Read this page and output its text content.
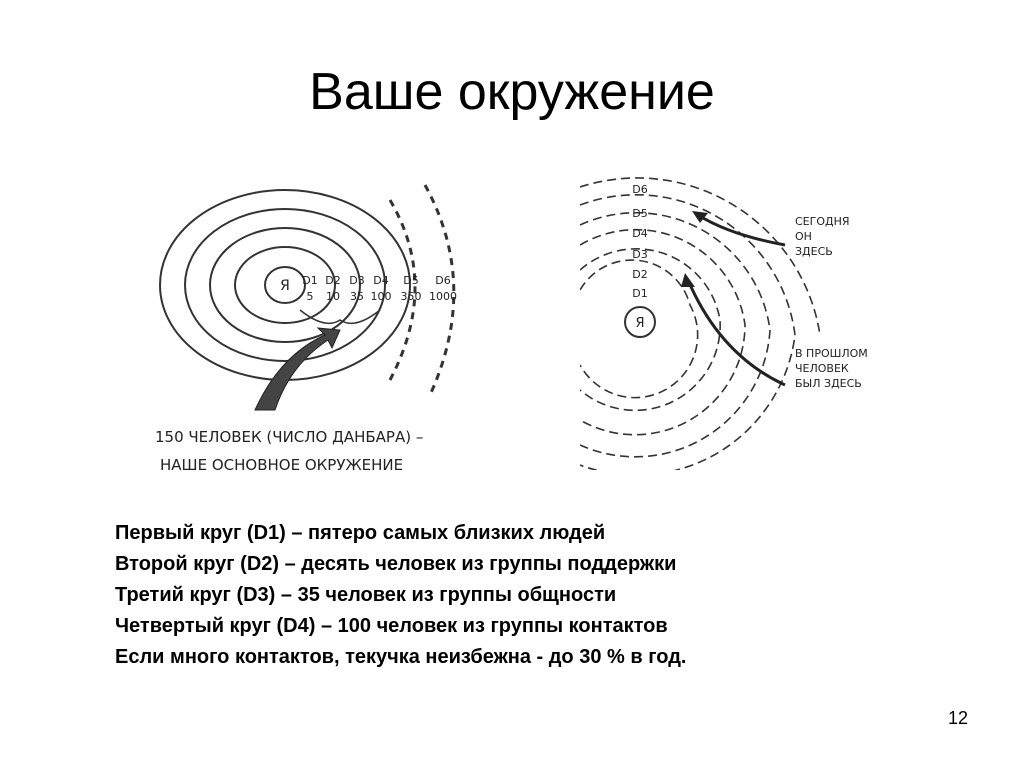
Ваше окружение
Я D1
5
D2
10
D3
35
D4
100
D5
350
D6
1000
150 ЧЕЛОВЕК (ЧИСЛО ДАНБАРА) –
НАШЕ ОСНОВНОЕ ОКРУЖЕНИЕ
Я
D1
D2
D3
D4
D5
D6
СЕГОДНЯ
ОН
ЗДЕСЬ
В ПРОШЛОМ
ЧЕЛОВЕК
БЫЛ ЗДЕСЬ
Первый круг (D1) – пятеро самых близких людей
Второй круг (D2) – десять человек из группы поддержки
Третий круг (D3) – 35 человек из группы общности
Четвертый круг (D4) – 100 человек из группы контактов
Если много контактов, текучка неизбежна - до 30 % в год.
12
